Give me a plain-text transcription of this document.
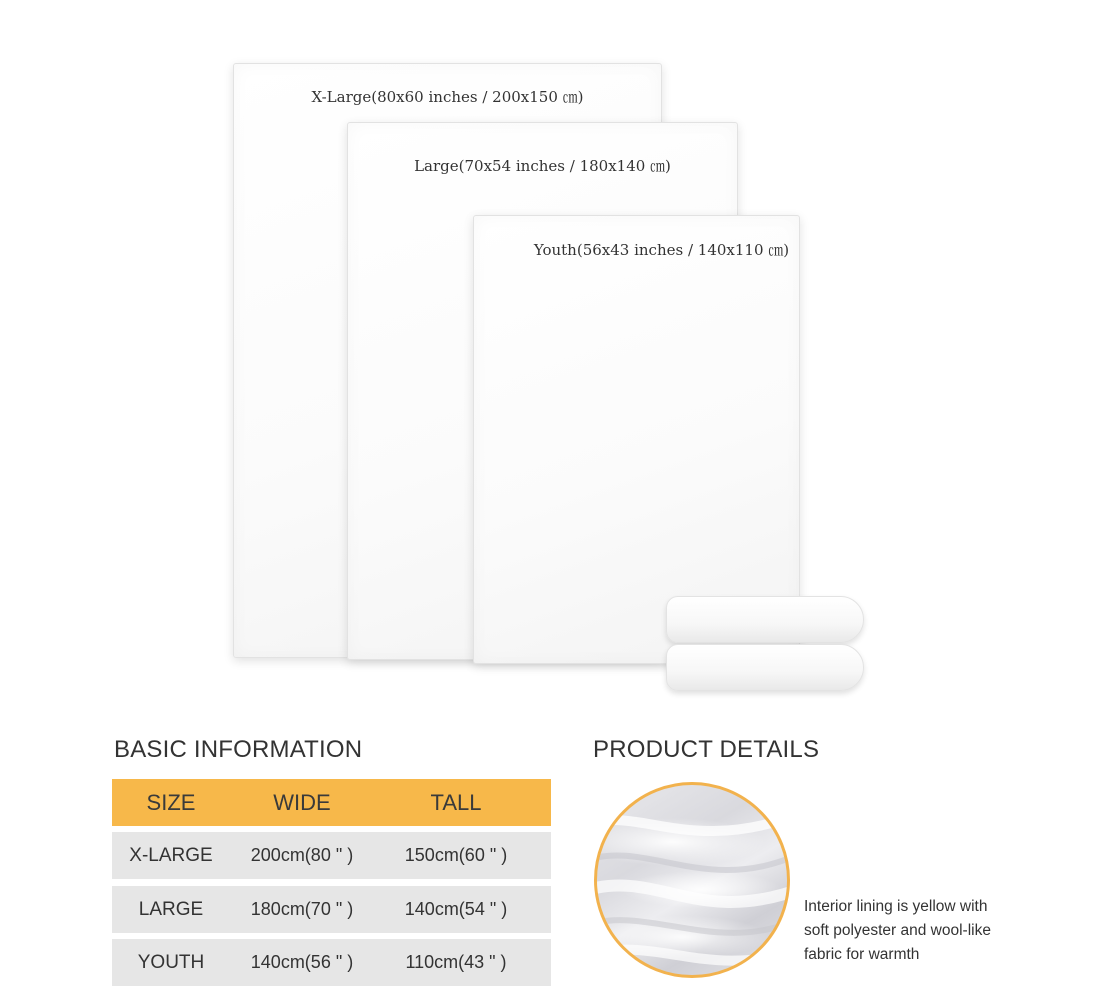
X-Large(80x60 inches / 200x150 ㎝)
Large(70x54 inches / 180x140 ㎝)
Youth(56x43 inches / 140x110 ㎝)
BASIC INFORMATION
SIZE	WIDE	TALL
X-LARGE	200cm(80 " )	150cm(60 " )
LARGE	180cm(70 " )	140cm(54 " )
YOUTH	140cm(56 " )	110cm(43 " )
PRODUCT DETAILS
Interior lining is yellow with
soft polyester and wool-like
fabric for warmth
